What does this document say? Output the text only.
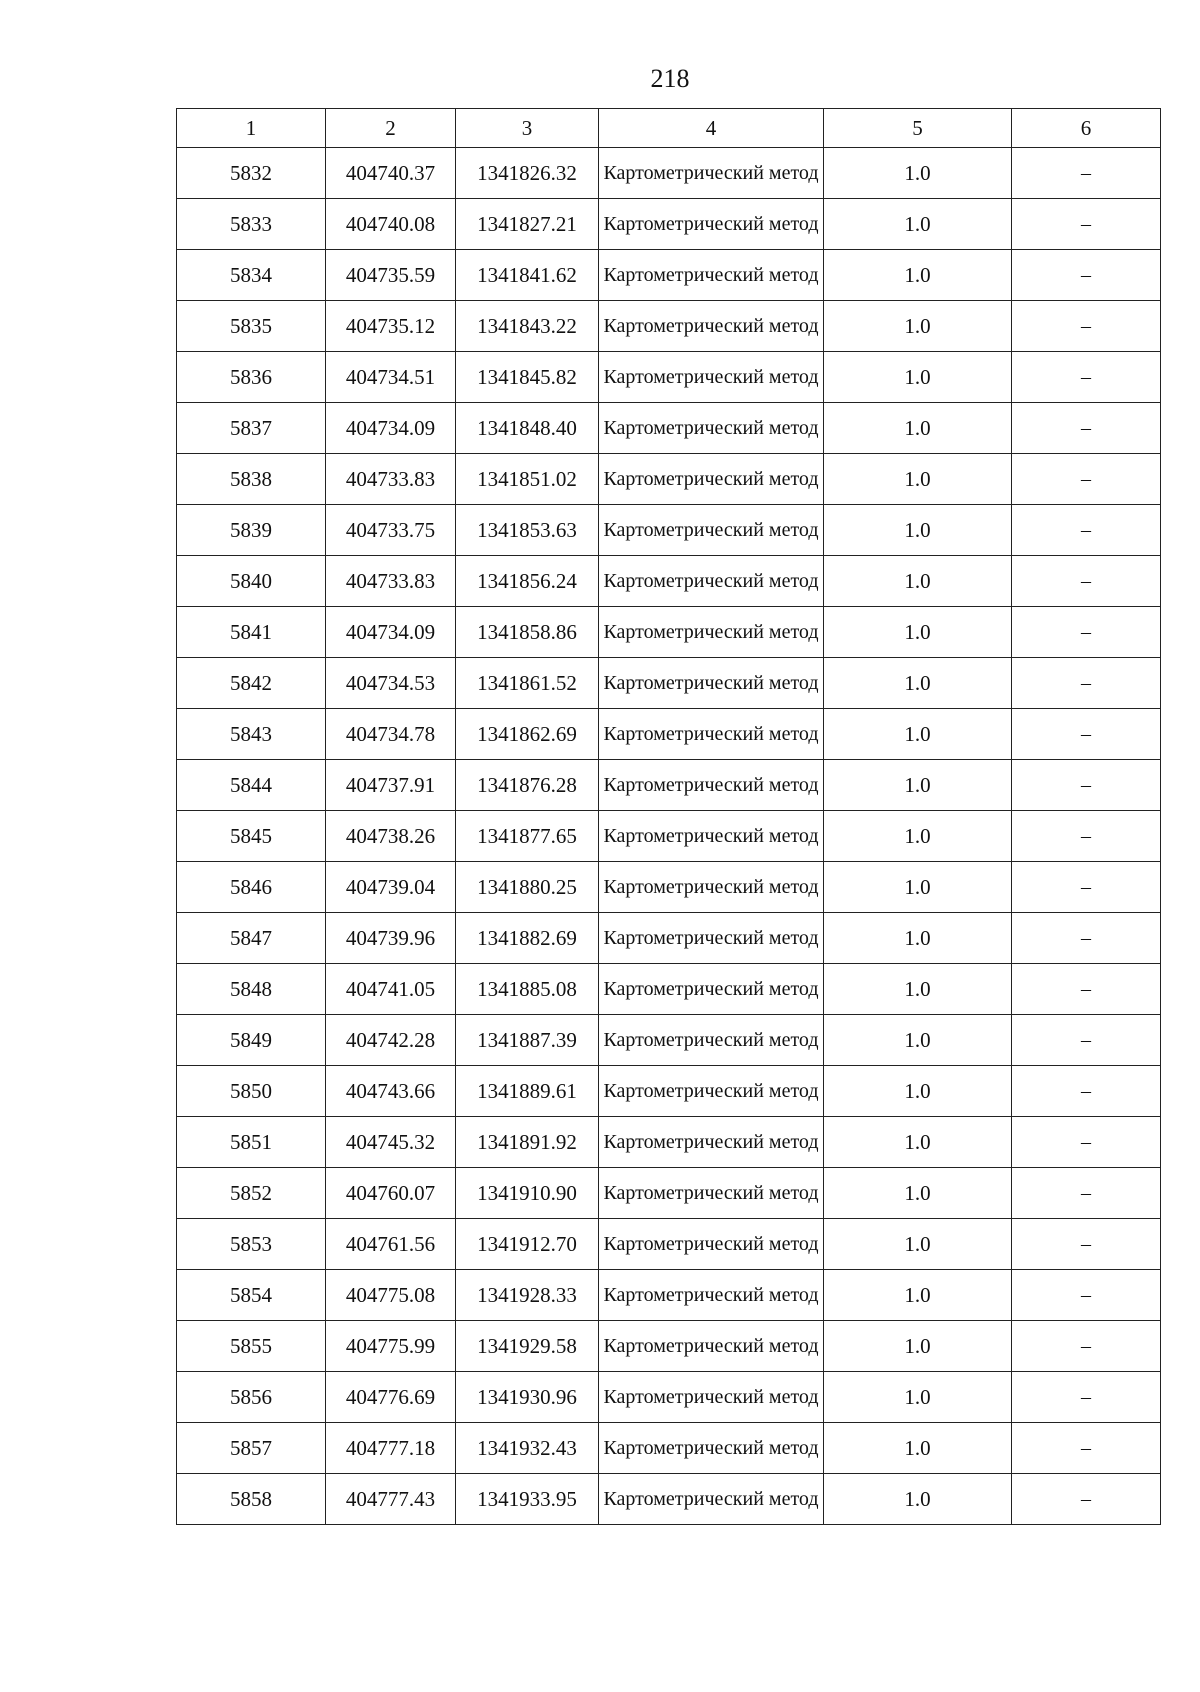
218
1	2	3	4	5	6
5832	404740.37	1341826.32	Картометрический метод	1.0	–
5833	404740.08	1341827.21	Картометрический метод	1.0	–
5834	404735.59	1341841.62	Картометрический метод	1.0	–
5835	404735.12	1341843.22	Картометрический метод	1.0	–
5836	404734.51	1341845.82	Картометрический метод	1.0	–
5837	404734.09	1341848.40	Картометрический метод	1.0	–
5838	404733.83	1341851.02	Картометрический метод	1.0	–
5839	404733.75	1341853.63	Картометрический метод	1.0	–
5840	404733.83	1341856.24	Картометрический метод	1.0	–
5841	404734.09	1341858.86	Картометрический метод	1.0	–
5842	404734.53	1341861.52	Картометрический метод	1.0	–
5843	404734.78	1341862.69	Картометрический метод	1.0	–
5844	404737.91	1341876.28	Картометрический метод	1.0	–
5845	404738.26	1341877.65	Картометрический метод	1.0	–
5846	404739.04	1341880.25	Картометрический метод	1.0	–
5847	404739.96	1341882.69	Картометрический метод	1.0	–
5848	404741.05	1341885.08	Картометрический метод	1.0	–
5849	404742.28	1341887.39	Картометрический метод	1.0	–
5850	404743.66	1341889.61	Картометрический метод	1.0	–
5851	404745.32	1341891.92	Картометрический метод	1.0	–
5852	404760.07	1341910.90	Картометрический метод	1.0	–
5853	404761.56	1341912.70	Картометрический метод	1.0	–
5854	404775.08	1341928.33	Картометрический метод	1.0	–
5855	404775.99	1341929.58	Картометрический метод	1.0	–
5856	404776.69	1341930.96	Картометрический метод	1.0	–
5857	404777.18	1341932.43	Картометрический метод	1.0	–
5858	404777.43	1341933.95	Картометрический метод	1.0	–
